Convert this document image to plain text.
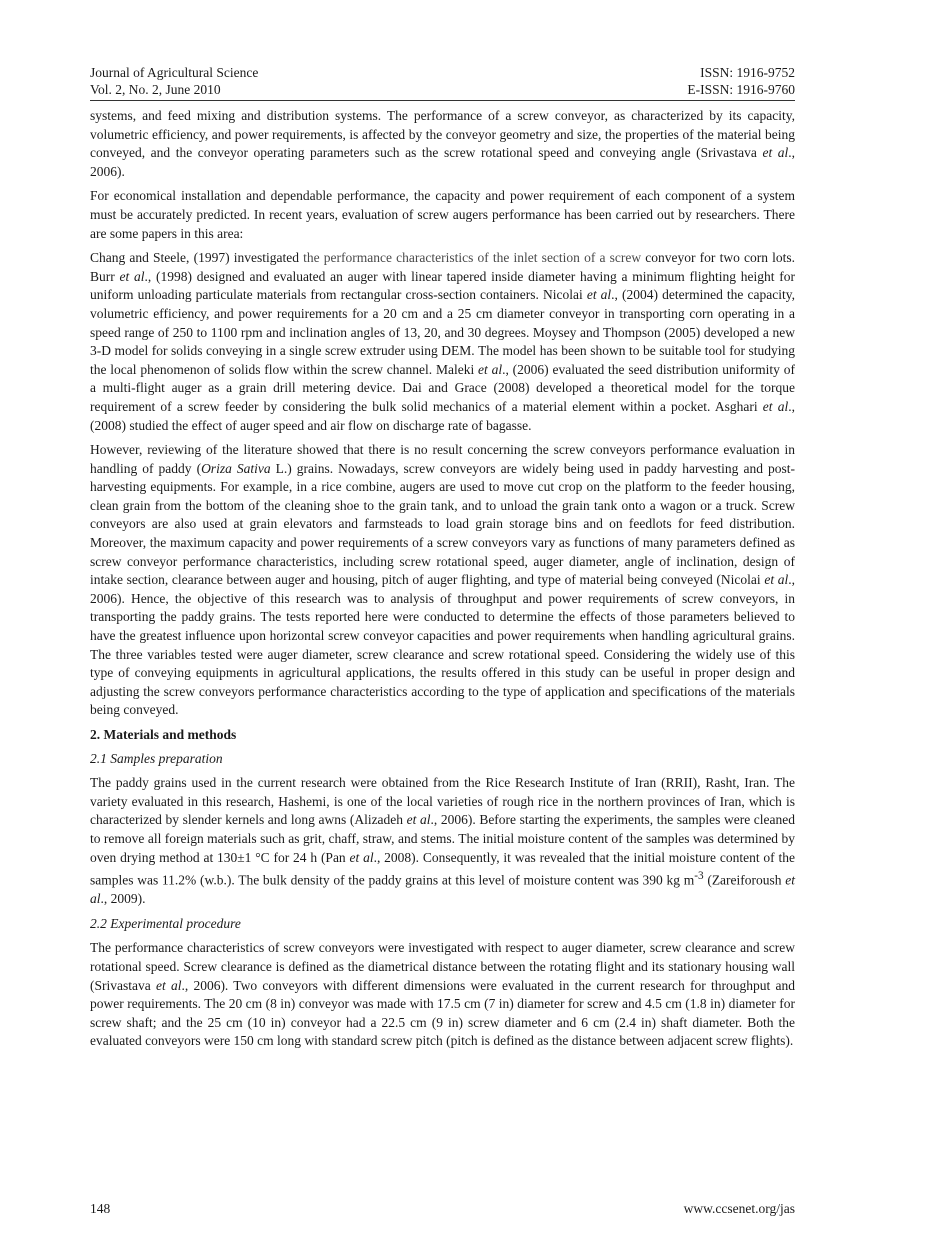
Journal of Agricultural Science
Vol. 2, No. 2, June 2010
ISSN: 1916-9752
E-ISSN: 1916-9760

systems, and feed mixing and distribution systems. The performance of a screw conveyor, as characterized by its capacity, volumetric efficiency, and power requirements, is affected by the conveyor geometry and size, the properties of the material being conveyed, and the conveyor operating parameters such as the screw rotational speed and conveying angle (Srivastava et al., 2006).

For economical installation and dependable performance, the capacity and power requirement of each component of a system must be accurately predicted. In recent years, evaluation of screw augers performance has been carried out by researchers. There are some papers in this area:

Chang and Steele, (1997) investigated the performance characteristics of the inlet section of a screw conveyor for two corn lots. Burr et al., (1998) designed and evaluated an auger with linear tapered inside diameter having a minimum flighting height for uniform unloading particulate materials from rectangular cross-section containers. Nicolai et al., (2004) determined the capacity, volumetric efficiency, and power requirements for a 20 cm and a 25 cm diameter conveyor in transporting corn operating in a speed range of 250 to 1100 rpm and inclination angles of 13, 20, and 30 degrees. Moysey and Thompson (2005) developed a new 3-D model for solids conveying in a single screw extruder using DEM. The model has been shown to be suitable tool for studying the local phenomenon of solids flow within the screw channel. Maleki et al., (2006) evaluated the seed distribution uniformity of a multi-flight auger as a grain drill metering device. Dai and Grace (2008) developed a theoretical model for the torque requirement of a screw feeder by considering the bulk solid mechanics of a material element within a pocket. Asghari et al., (2008) studied the effect of auger speed and air flow on discharge rate of bagasse.

However, reviewing of the literature showed that there is no result concerning the screw conveyors performance evaluation in handling of paddy (Oriza Sativa L.) grains. Nowadays, screw conveyors are widely being used in paddy harvesting and post-harvesting equipments. For example, in a rice combine, augers are used to move cut crop on the platform to the feeder housing, clean grain from the bottom of the cleaning shoe to the grain tank, and to unload the grain tank onto a wagon or a truck. Screw conveyors are also used at grain elevators and farmsteads to load grain storage bins and on feedlots for feed distribution. Moreover, the maximum capacity and power requirements of a screw conveyors vary as functions of many parameters defined as screw conveyor performance characteristics, including screw rotational speed, auger diameter, angle of inclination, design of intake section, clearance between auger and housing, pitch of auger flighting, and type of material being conveyed (Nicolai et al., 2006). Hence, the objective of this research was to analysis of throughput and power requirements of screw conveyors, in transporting the paddy grains. The tests reported here were conducted to determine the effects of those parameters believed to have the greatest influence upon horizontal screw conveyor capacities and power requirements when handling agricultural grains. The three variables tested were auger diameter, screw clearance and screw rotational speed. Considering the widely use of this type of conveying equipments in agricultural applications, the results offered in this study can be useful in proper design and adjusting the screw conveyors performance characteristics according to the type of application and specifications of the materials being conveyed.

2. Materials and methods
2.1 Samples preparation

The paddy grains used in the current research were obtained from the Rice Research Institute of Iran (RRII), Rasht, Iran. The variety evaluated in this research, Hashemi, is one of the local varieties of rough rice in the northern provinces of Iran, which is characterized by slender kernels and long awns (Alizadeh et al., 2006). Before starting the experiments, the samples were cleaned to remove all foreign materials such as grit, chaff, straw, and stems. The initial moisture content of the samples was determined by oven drying method at 130±1 °C for 24 h (Pan et al., 2008). Consequently, it was revealed that the initial moisture content of the samples was 11.2% (w.b.). The bulk density of the paddy grains at this level of moisture content was 390 kg $m^{-3}$ (Zareiforoush et al., 2009).

2.2 Experimental procedure

The performance characteristics of screw conveyors were investigated with respect to auger diameter, screw clearance and screw rotational speed. Screw clearance is defined as the diametrical distance between the rotating flight and its stationary housing wall (Srivastava et al., 2006). Two conveyors with different dimensions were evaluated in the current research for throughput and power requirements. The 20 cm (8 in) conveyor was made with 17.5 cm (7 in) diameter for screw and 4.5 cm (1.8 in) diameter for screw shaft; and the 25 cm (10 in) conveyor had a 22.5 cm (9 in) screw diameter and 6 cm (2.4 in) shaft diameter. Both the evaluated conveyors were 150 cm long with standard screw pitch (pitch is defined as the distance between adjacent screw flights).

148	www.ccsenet.org/jas
